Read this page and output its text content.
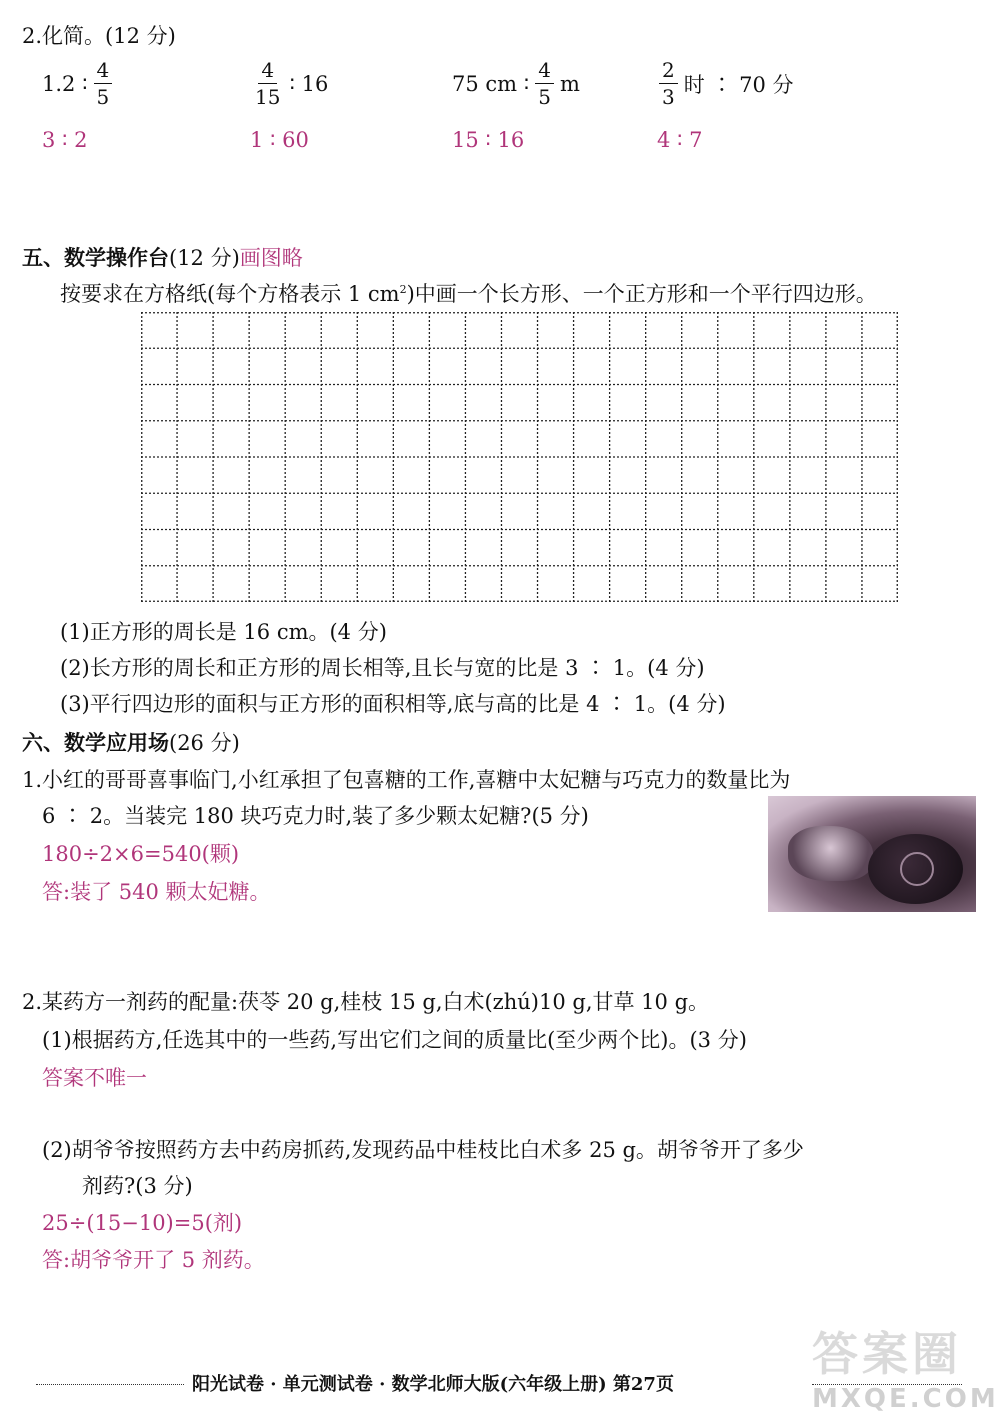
2.化简。(12 分)
1.2 ∶ $\frac{4}{5}$	$\frac{4}{15}$ ∶ 16	75 cm ∶ $\frac{4}{5}$ m	$\frac{2}{3}$ 时 ∶ 70 分
3 ∶ 2	1 ∶ 60	15 ∶ 16	4 ∶ 7
五、数学操作台(12 分)画图略
按要求在方格纸(每个方格表示 1 $cm^2$)中画一个长方形、一个正方形和一个平行四边形。
(1)正方形的周长是 16 cm。(4 分)
(2)长方形的周长和正方形的周长相等,且长与宽的比是 3 ∶ 1。(4 分)
(3)平行四边形的面积与正方形的面积相等,底与高的比是 4 ∶ 1。(4 分)
六、数学应用场(26 分)
1.小红的哥哥喜事临门,小红承担了包喜糖的工作,喜糖中太妃糖与巧克力的数量比为
6 ∶ 2。当装完 180 块巧克力时,装了多少颗太妃糖?(5 分)
180÷2×6=540(颗)
答:装了 540 颗太妃糖。
2.某药方一剂药的配量:茯苓 20 g,桂枝 15 g,白术(zhú)10 g,甘草 10 g。
(1)根据药方,任选其中的一些药,写出它们之间的质量比(至少两个比)。(3 分)
答案不唯一
(2)胡爷爷按照药方去中药房抓药,发现药品中桂枝比白术多 25 g。胡爷爷开了多少
剂药?(3 分)
25÷(15−10)=5(剂)
答:胡爷爷开了 5 剂药。
阳光试卷 · 单元测试卷 · 数学北师大版(六年级上册) 第27页
答案圈
MXQE.COM
